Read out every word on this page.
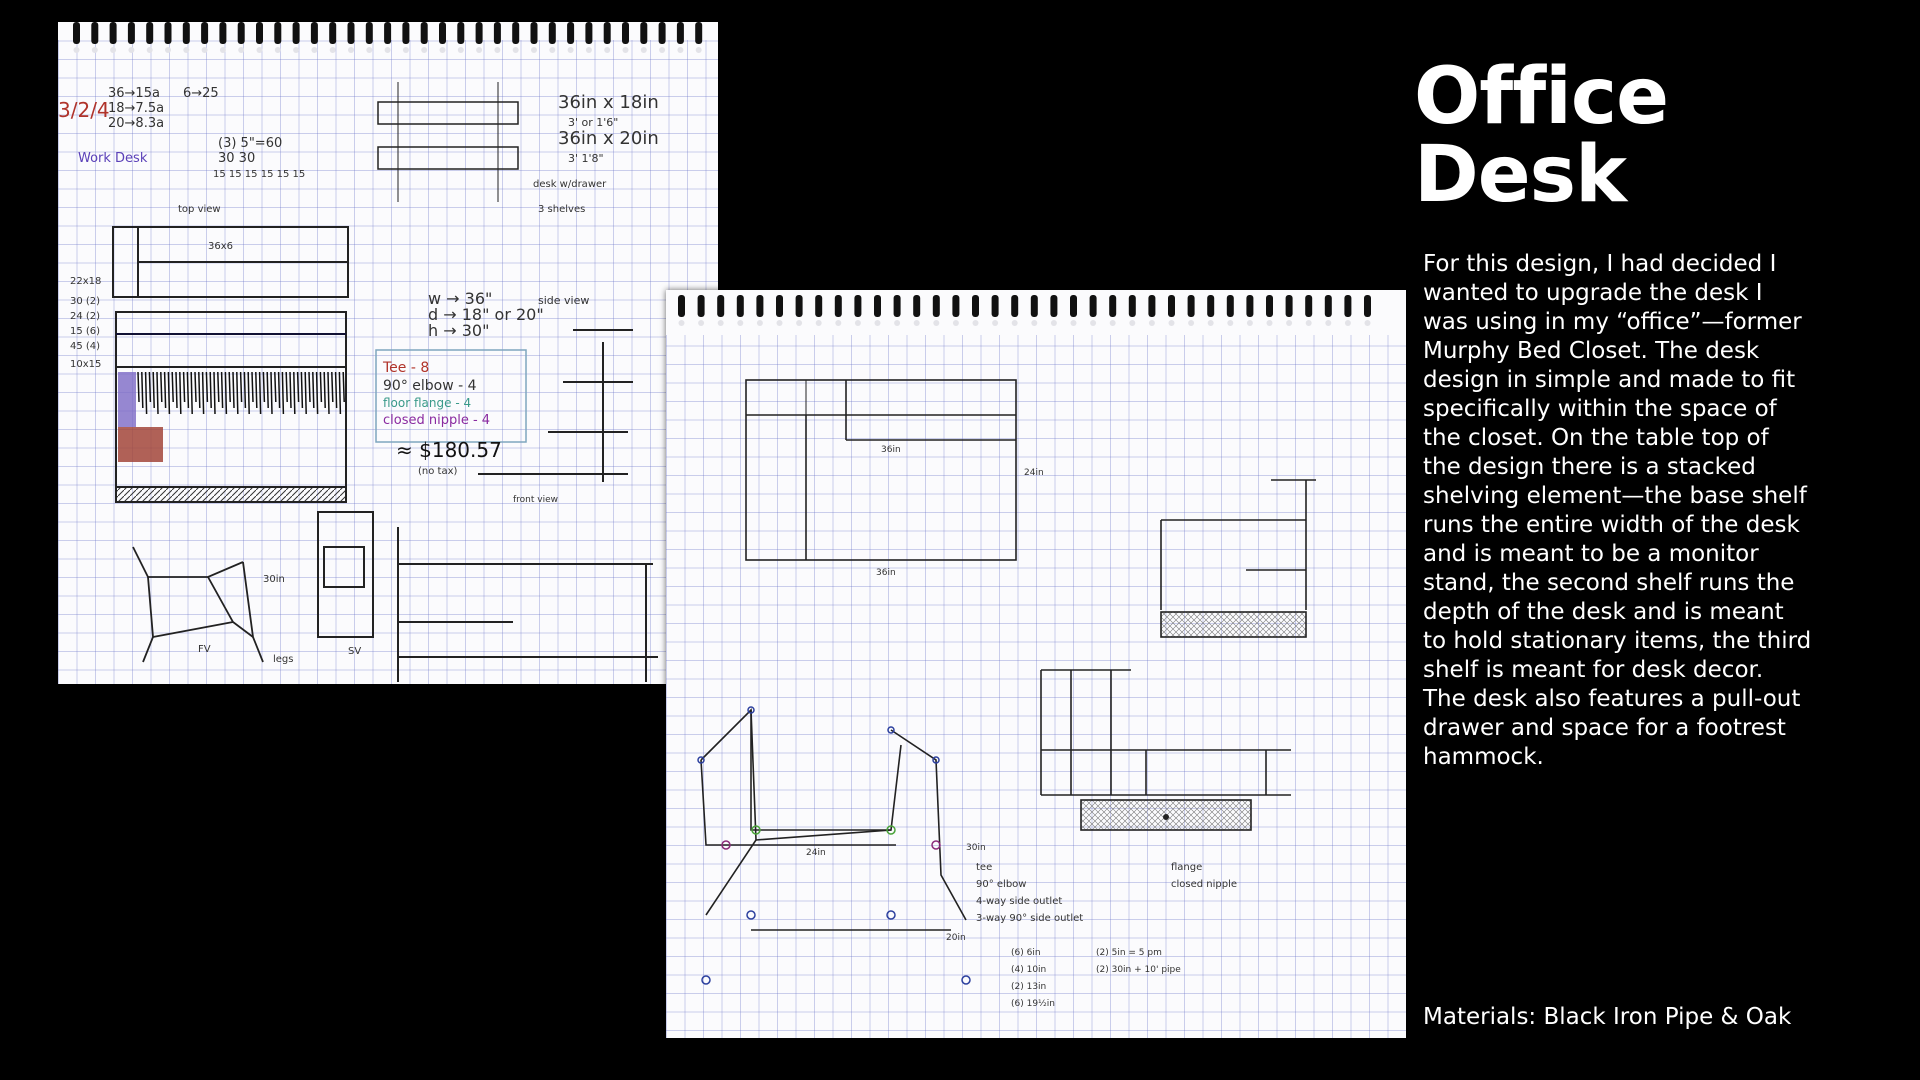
Office Desk
For this design, I had decided I wanted to upgrade the desk I was using in my “office”—former Murphy Bed Closet. The desk design in simple and made to fit specifically within the space of the closet. On the table top of the design there is a stacked shelving element—the base shelf runs the entire width of the desk and is meant to be a monitor stand, the second shelf runs the depth of the desk and is meant to hold stationary items, the third shelf is meant for desk decor. The desk also features a pull-out drawer and space for a footrest hammock.
Materials: Black Iron Pipe & Oak
3/2/4
36→15a 6→25
18→7.5a
20→8.3a
Work Desk
(3) 5"=60
30 30
15 15 15 15 15 15
top view
36x6
36in x 18in
3' or 1'6"
36in x 20in
3' 1'8"
desk w/drawer
3 shelves
w → 36"
d → 18" or 20"
h → 30"
side view
Tee - 8
90° elbow - 4
floor flange - 4
closed nipple - 4
≈ $180.57
(no tax)
front view
22x18
30 (2)
24 (2)
15 (6)
45 (4)
10x15
FV
30in
legs
SV
36in
24in
36in
30in
24in
20in
tee
90° elbow
4-way side outlet
3-way 90° side outlet
flange
closed nipple
(6) 6in	(2) 5in = 5 pm
(4) 10in	(2) 30in + 10' pipe
(2) 13in
(6) 19½in
